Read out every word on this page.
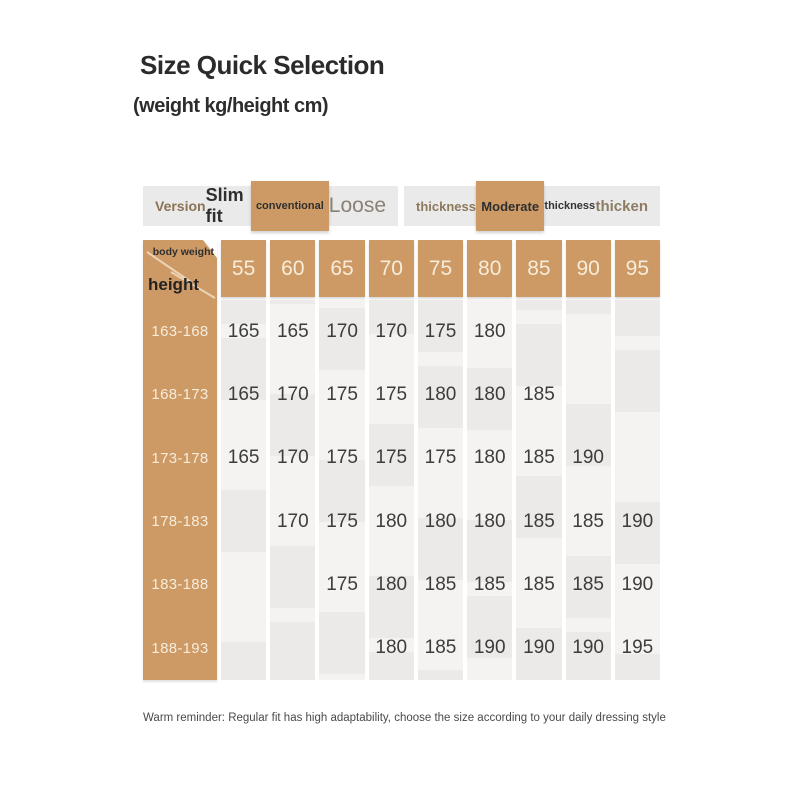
Size Quick Selection
(weight kg/height cm)
Version
Slim fit	conventional Loose thickness Moderate thickness thicken
body weight
height
163-168
168-173
173-178
178-183
183-188
188-193
55
165
165
165
60
165
170
170
170
65
170
175
175
175
175
70
170
175
175
180
180
180
75
175
180
175
180
185
185
80
180
180
180
180
185
190
85
185
185
185
185
190
90
190
185
185
190
95
190
190
195
Warm reminder: Regular fit has high adaptability, choose the size according to your daily dressing style
